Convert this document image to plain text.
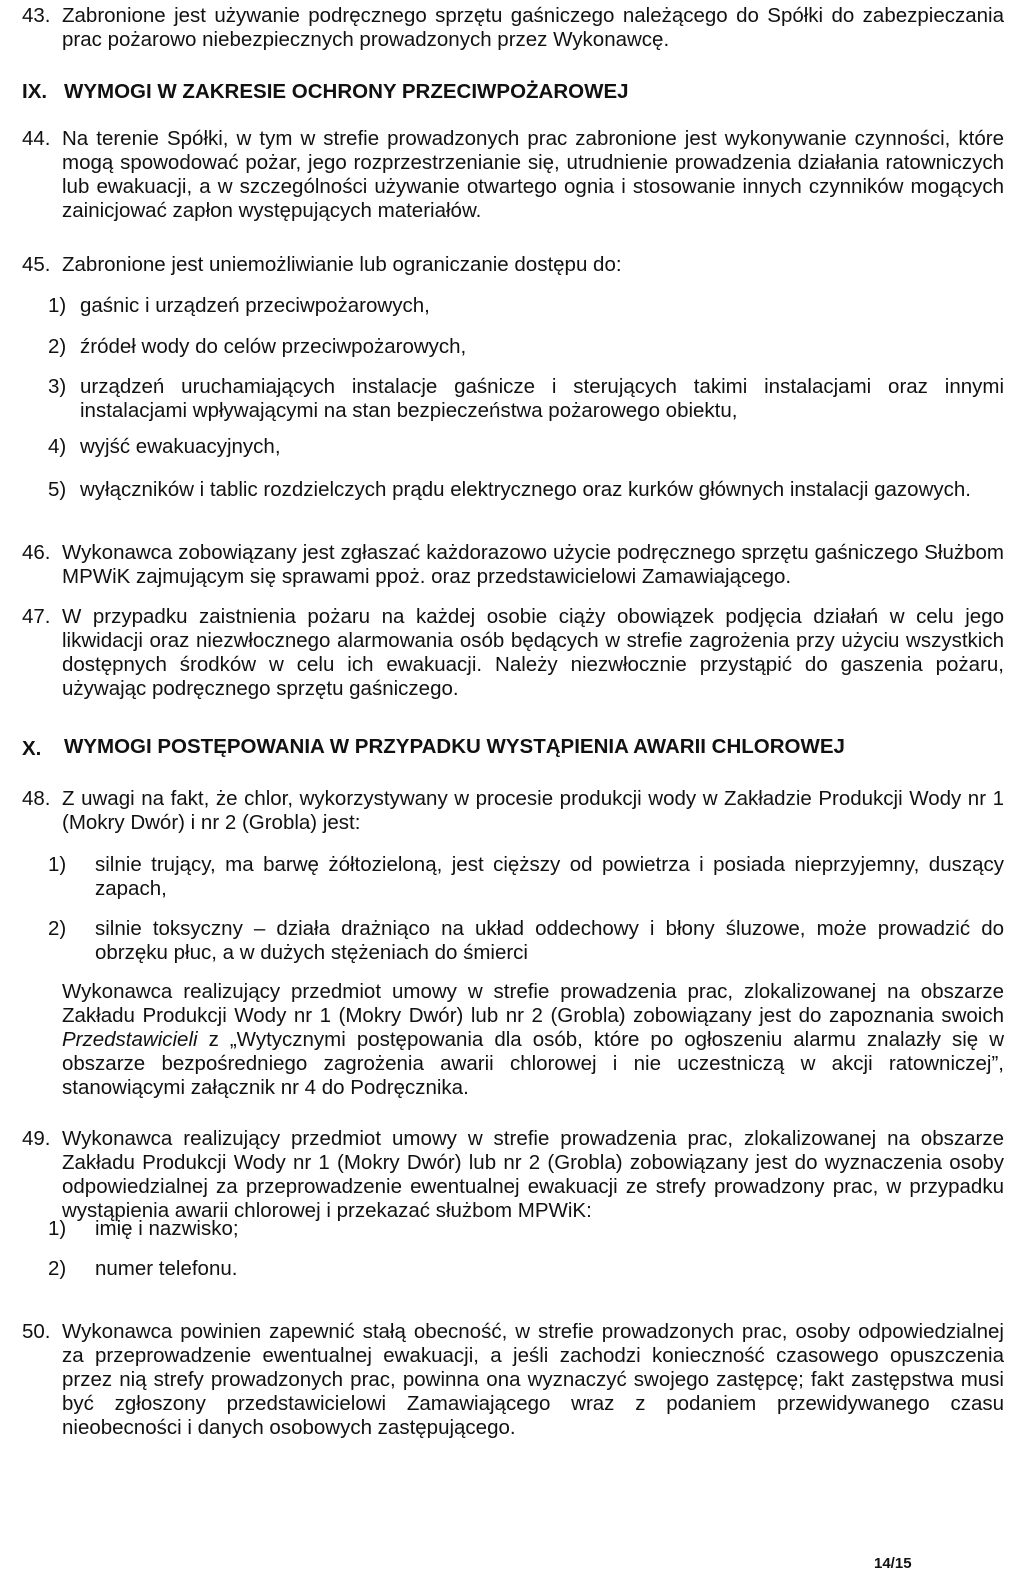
43. Zabronione jest używanie podręcznego sprzętu gaśniczego należącego do Spółki do zabezpieczania prac pożarowo niebezpiecznych prowadzonych przez Wykonawcę.
IX. WYMOGI W ZAKRESIE OCHRONY PRZECIWPOŻAROWEJ
44. Na terenie Spółki, w tym w strefie prowadzonych prac zabronione jest wykonywanie czynności, które mogą spowodować pożar, jego rozprzestrzenianie się, utrudnienie prowadzenia działania ratowniczych lub ewakuacji, a w szczególności używanie otwartego ognia i stosowanie innych czynników mogących zainicjować zapłon występujących materiałów.
45. Zabronione jest uniemożliwianie lub ograniczanie dostępu do:
1) gaśnic i urządzeń przeciwpożarowych,
2) źródeł wody do celów przeciwpożarowych,
3) urządzeń uruchamiających instalacje gaśnicze i sterujących takimi instalacjami oraz innymi instalacjami wpływającymi na stan bezpieczeństwa pożarowego obiektu,
4) wyjść ewakuacyjnych,
5) wyłączników i tablic rozdzielczych prądu elektrycznego oraz kurków głównych instalacji gazowych.
46. Wykonawca zobowiązany jest zgłaszać każdorazowo użycie podręcznego sprzętu gaśniczego Służbom MPWiK zajmującym się sprawami ppoż. oraz przedstawicielowi Zamawiającego.
47. W przypadku zaistnienia pożaru na każdej osobie ciąży obowiązek podjęcia działań w celu jego likwidacji oraz niezwłocznego alarmowania osób będących w strefie zagrożenia przy użyciu wszystkich dostępnych środków w celu ich ewakuacji. Należy niezwłocznie przystąpić do gaszenia pożaru, używając podręcznego sprzętu gaśniczego.
X. WYMOGI POSTĘPOWANIA W PRZYPADKU WYSTĄPIENIA AWARII CHLOROWEJ
48. Z uwagi na fakt, że chlor, wykorzystywany w procesie produkcji wody w Zakładzie Produkcji Wody nr 1 (Mokry Dwór) i nr 2 (Grobla) jest:
1) silnie trujący, ma barwę żółtozieloną, jest cięższy od powietrza i posiada nieprzyjemny, duszący zapach,
2) silnie toksyczny – działa drażniąco na układ oddechowy i błony śluzowe, może prowadzić do obrzęku płuc, a w dużych stężeniach do śmierci
Wykonawca realizujący przedmiot umowy w strefie prowadzenia prac, zlokalizowanej na obszarze Zakładu Produkcji Wody nr 1 (Mokry Dwór) lub nr 2 (Grobla) zobowiązany jest do zapoznania swoich Przedstawicieli z „Wytycznymi postępowania dla osób, które po ogłoszeniu alarmu znalazły się w obszarze bezpośredniego zagrożenia awarii chlorowej i nie uczestniczą w akcji ratowniczej”, stanowiącymi załącznik nr 4 do Podręcznika.
49. Wykonawca realizujący przedmiot umowy w strefie prowadzenia prac, zlokalizowanej na obszarze Zakładu Produkcji Wody nr 1 (Mokry Dwór) lub nr 2 (Grobla) zobowiązany jest do wyznaczenia osoby odpowiedzialnej za przeprowadzenie ewentualnej ewakuacji ze strefy prowadzony prac, w przypadku wystąpienia awarii chlorowej i przekazać służbom MPWiK:
1) imię i nazwisko;
2) numer telefonu.
50. Wykonawca powinien zapewnić stałą obecność, w strefie prowadzonych prac, osoby odpowiedzialnej za przeprowadzenie ewentualnej ewakuacji, a jeśli zachodzi konieczność czasowego opuszczenia przez nią strefy prowadzonych prac, powinna ona wyznaczyć swojego zastępcę; fakt zastępstwa musi być zgłoszony przedstawicielowi Zamawiającego wraz z podaniem przewidywanego czasu nieobecności i danych osobowych zastępującego.
14/15
